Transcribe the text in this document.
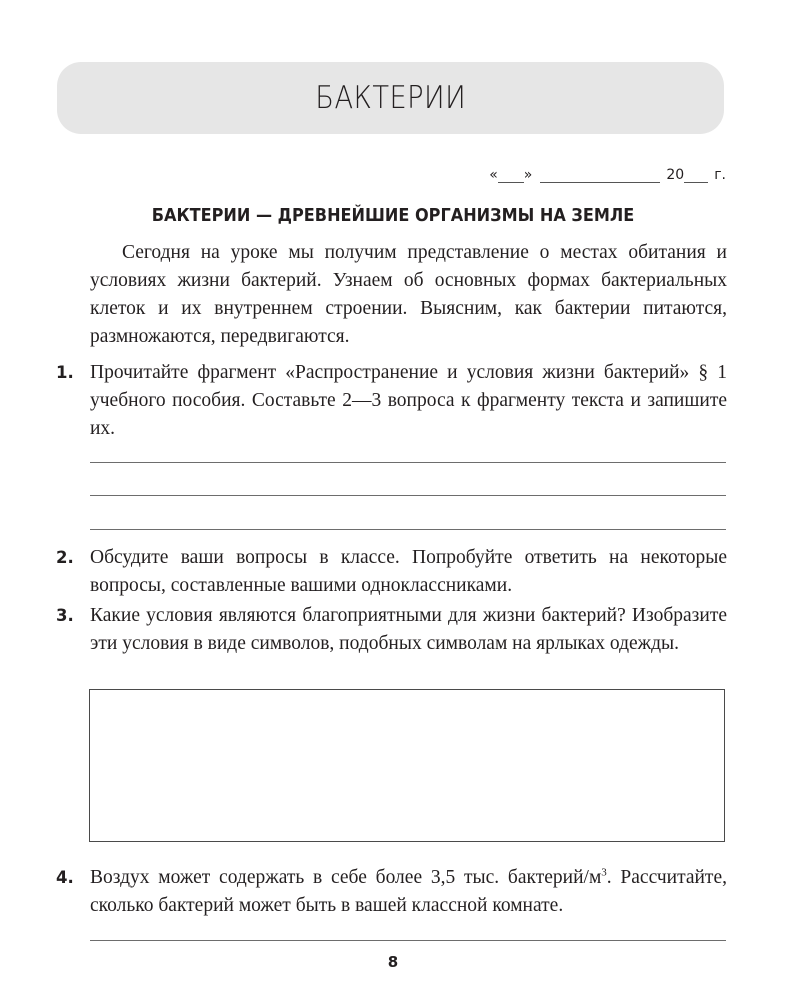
БАКТЕРИИ
« »	20 г.
БАКТЕРИИ — ДРЕВНЕЙШИЕ ОРГАНИЗМЫ НА ЗЕМЛЕ

Сегодня на уроке мы получим представление о местах обитания и условиях жизни бактерий. Узнаем об основных формах бактериальных клеток и их внутреннем строении. Выясним, как бактерии питаются, размножаются, передвигаются.

1. Прочитайте фрагмент «Распространение и условия жизни бактерий» § 1 учебного пособия. Составьте 2—3 вопроса к фрагменту текста и запишите их.

2. Обсудите ваши вопросы в классе. Попробуйте ответить на некоторые вопросы, составленные вашими одноклассниками.

3. Какие условия являются благоприятными для жизни бактерий? Изобразите эти условия в виде символов, подобных символам на ярлыках одежды.

4. Воздух может содержать в себе более 3,5 тыс. бактерий/$м^3$. Рассчитайте, сколько бактерий может быть в вашей классной комнате.

8
